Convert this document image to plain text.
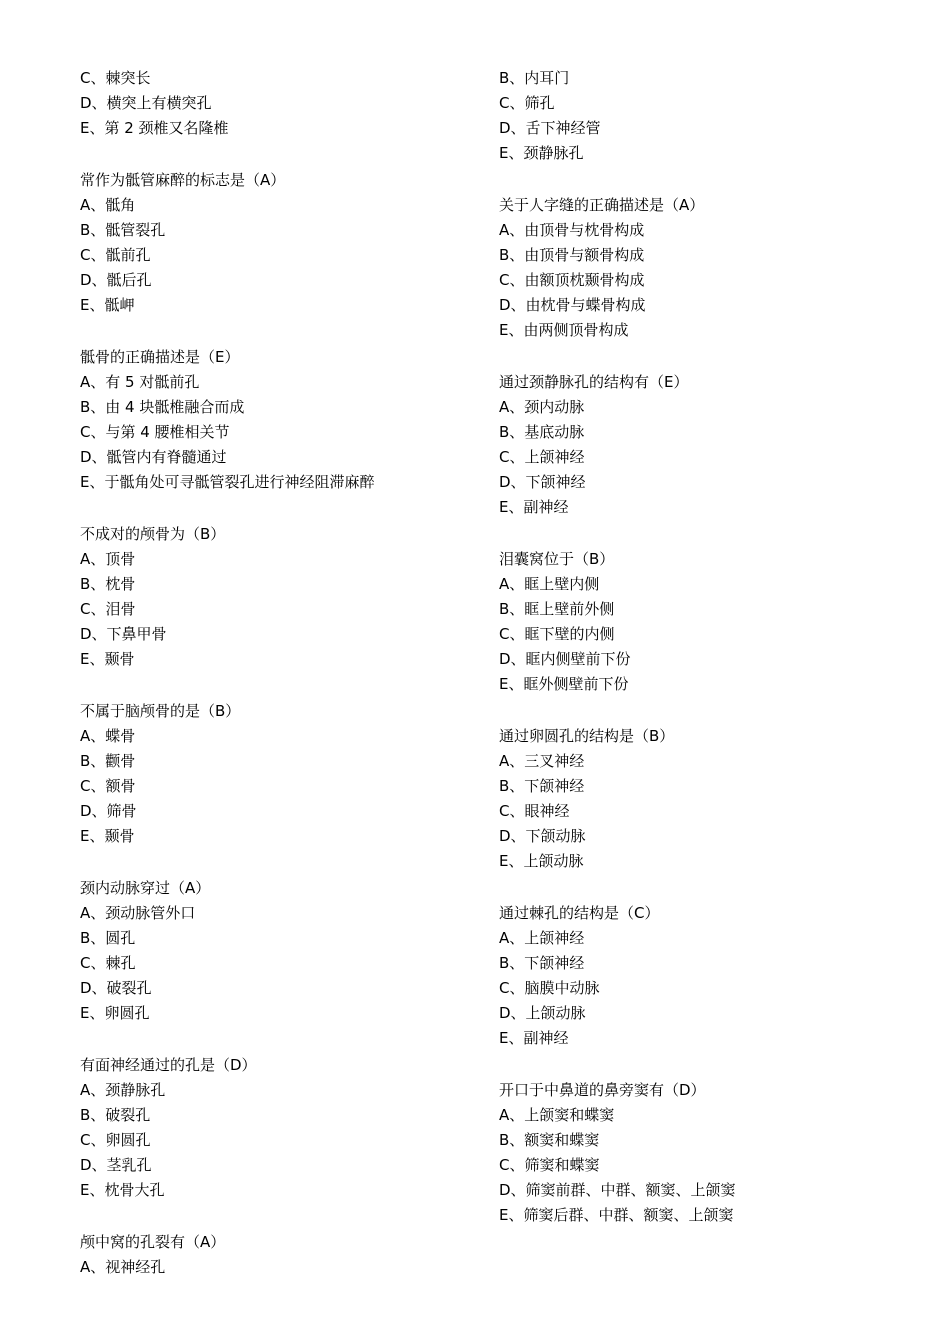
C、棘突长
D、横突上有横突孔
E、第 2 颈椎又名隆椎
常作为骶管麻醉的标志是（A）
A、骶角
B、骶管裂孔
C、骶前孔
D、骶后孔
E、骶岬
骶骨的正确描述是（E）
A、有 5 对骶前孔
B、由 4 块骶椎融合而成
C、与第 4 腰椎相关节
D、骶管内有脊髓通过
E、于骶角处可寻骶管裂孔进行神经阻滞麻醉
不成对的颅骨为（B）
A、顶骨
B、枕骨
C、泪骨
D、下鼻甲骨
E、颞骨
不属于脑颅骨的是（B）
A、蝶骨
B、颧骨
C、额骨
D、筛骨
E、颞骨
颈内动脉穿过（A）
A、颈动脉管外口
B、圆孔
C、棘孔
D、破裂孔
E、卵圆孔
有面神经通过的孔是（D）
A、颈静脉孔
B、破裂孔
C、卵圆孔
D、茎乳孔
E、枕骨大孔
颅中窝的孔裂有（A）
A、视神经孔
B、内耳门
C、筛孔
D、舌下神经管
E、颈静脉孔
关于人字缝的正确描述是（A）
A、由顶骨与枕骨构成
B、由顶骨与额骨构成
C、由额顶枕颞骨构成
D、由枕骨与蝶骨构成
E、由两侧顶骨构成
通过颈静脉孔的结构有（E）
A、颈内动脉
B、基底动脉
C、上颌神经
D、下颌神经
E、副神经
泪囊窝位于（B）
A、眶上壁内侧
B、眶上壁前外侧
C、眶下壁的内侧
D、眶内侧壁前下份
E、眶外侧壁前下份
通过卵圆孔的结构是（B）
A、三叉神经
B、下颌神经
C、眼神经
D、下颌动脉
E、上颌动脉
通过棘孔的结构是（C）
A、上颌神经
B、下颌神经
C、脑膜中动脉
D、上颌动脉
E、副神经
开口于中鼻道的鼻旁窦有（D）
A、上颌窦和蝶窦
B、额窦和蝶窦
C、筛窦和蝶窦
D、筛窦前群、中群、额窦、上颌窦
E、筛窦后群、中群、额窦、上颌窦
